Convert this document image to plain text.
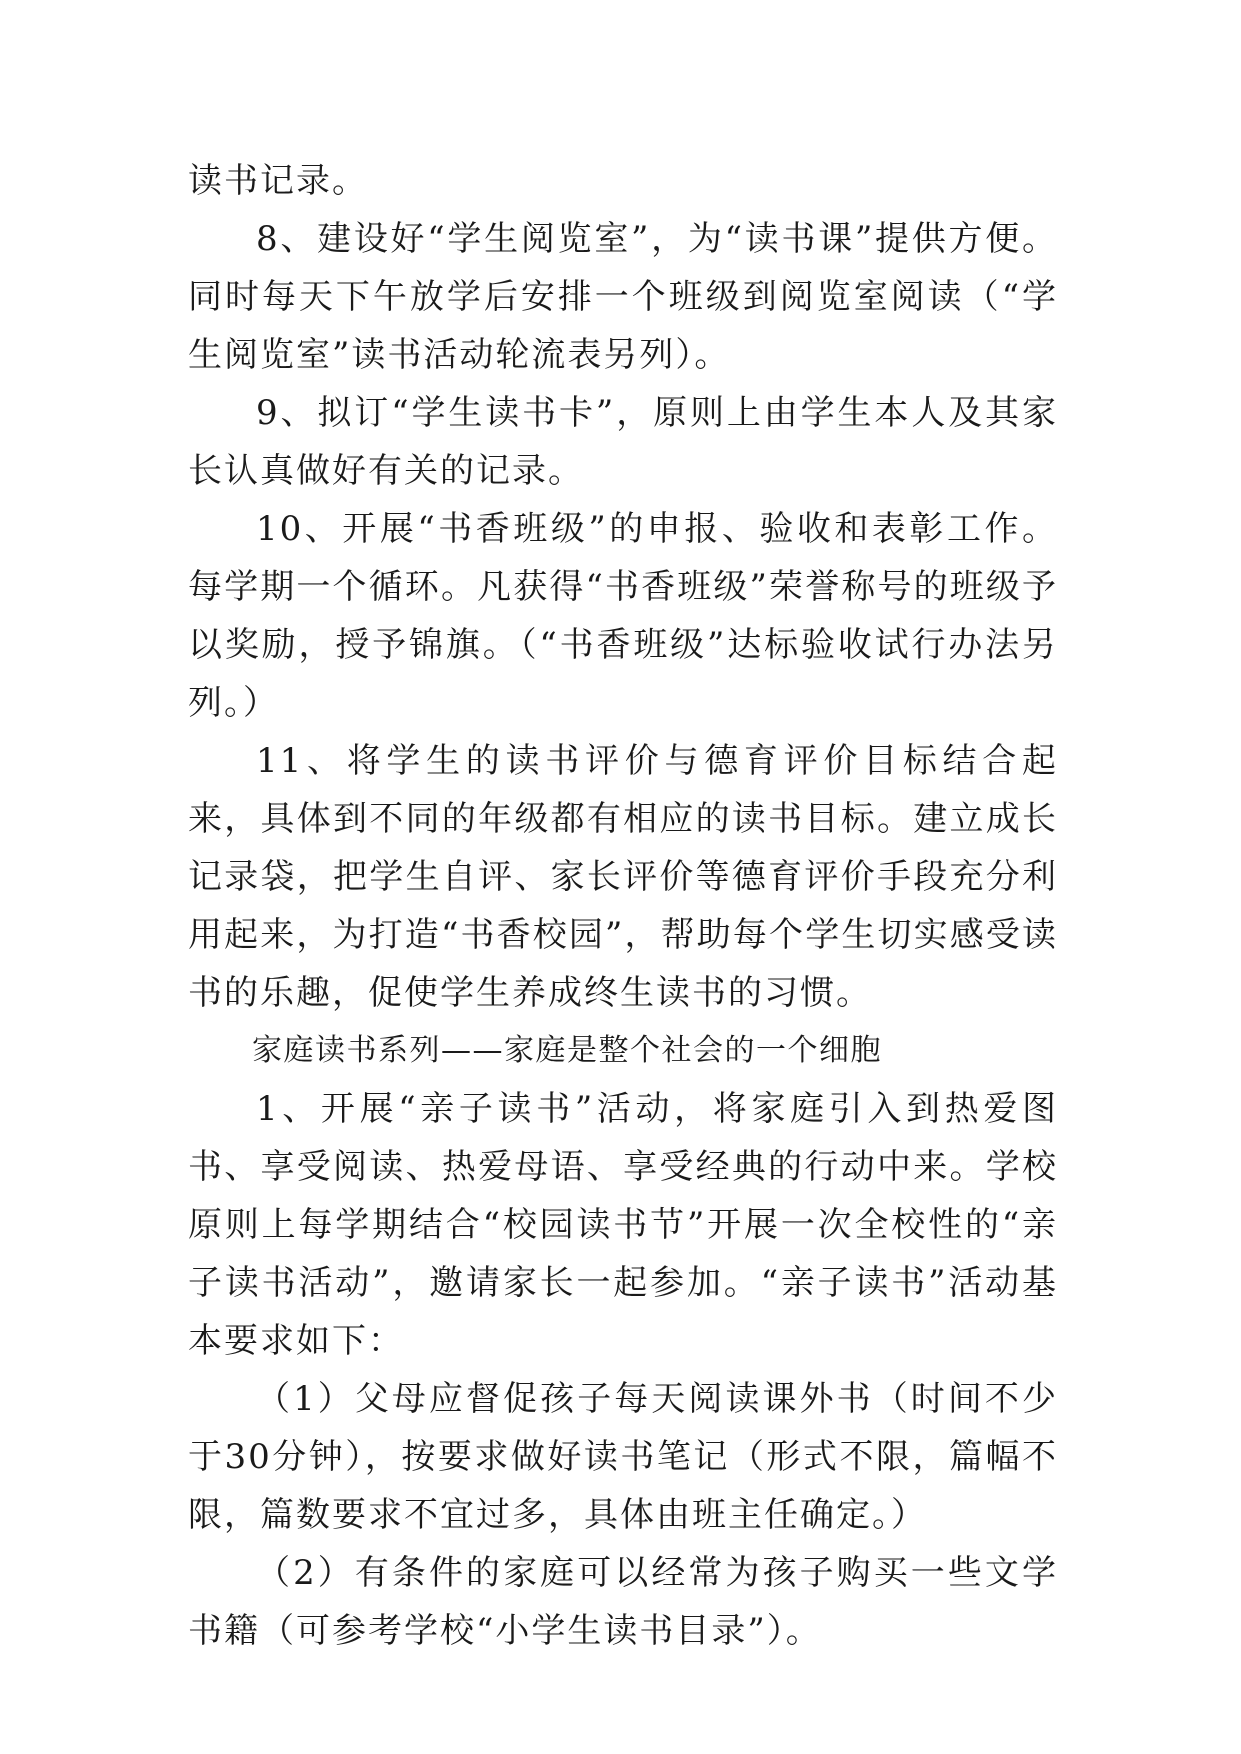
读书记录。

8、建设好“学生阅览室”，为“读书课”提供方便。同时每天下午放学后安排一个班级到阅览室阅读（“学生阅览室”读书活动轮流表另列）。

9、拟订“学生读书卡”，原则上由学生本人及其家长认真做好有关的记录。

10、开展“书香班级”的申报、验收和表彰工作。每学期一个循环。凡获得“书香班级”荣誉称号的班级予以奖励，授予锦旗。（“书香班级”达标验收试行办法另列。）

11、将学生的读书评价与德育评价目标结合起来，具体到不同的年级都有相应的读书目标。建立成长记录袋，把学生自评、家长评价等德育评价手段充分利用起来，为打造“书香校园”，帮助每个学生切实感受读书的乐趣，促使学生养成终生读书的习惯。

家庭读书系列——家庭是整个社会的一个细胞

1、开展“亲子读书”活动，将家庭引入到热爱图书、享受阅读、热爱母语、享受经典的行动中来。学校原则上每学期结合“校园读书节”开展一次全校性的“亲子读书活动”，邀请家长一起参加。“亲子读书”活动基本要求如下：

（1）父母应督促孩子每天阅读课外书（时间不少于30分钟），按要求做好读书笔记（形式不限，篇幅不限，篇数要求不宜过多，具体由班主任确定。）

（2）有条件的家庭可以经常为孩子购买一些文学书籍（可参考学校“小学生读书目录”）。
